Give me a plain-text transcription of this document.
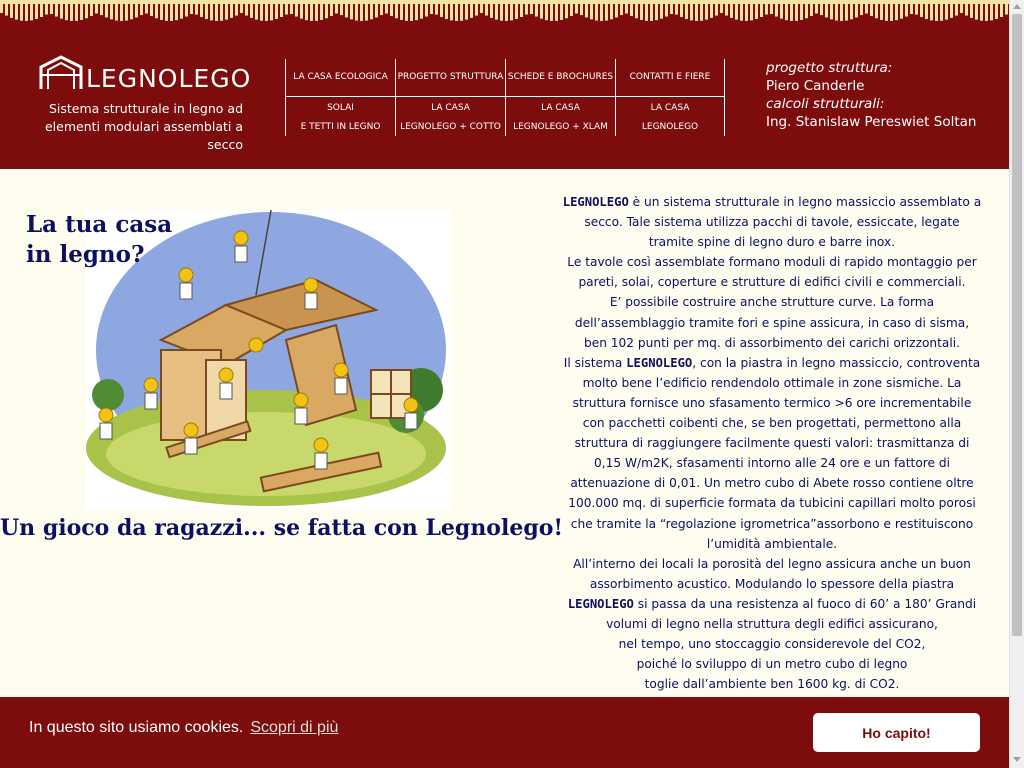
LEGNOLEGO
Sistema strutturale in legno ad
elementi modulari assemblati a secco
LA CASA ECOLOGICA
SOLAI
E TETTI IN LEGNO
PROGETTO STRUTTURA
LA CASA
LEGNOLEGO + COTTO
SCHEDE E BROCHURES
LA CASA
LEGNOLEGO + XLAM
CONTATTI E FIERE
LA CASA
LEGNOLEGO
progetto struttura:
Piero Canderle
calcoli strutturali:
Ing. Stanislaw Pereswiet Soltan
La tua casa
in legno?
Un gioco da ragazzi... se fatta con Legnolego!
LEGNOLEGO è un sistema strutturale in legno massiccio assemblato a secco. Tale sistema utilizza pacchi di tavole, essiccate, legate tramite spine di legno duro e barre inox.
Le tavole così assemblate formano moduli di rapido montaggio per pareti, solai, coperture e strutture di edifici civili e commerciali.
E’ possibile costruire anche strutture curve. La forma dell’assemblaggio tramite fori e spine assicura, in caso di sisma, ben 102 punti per mq. di assorbimento dei carichi orizzontali.
Il sistema LEGNOLEGO, con la piastra in legno massiccio, controventa molto bene l’edificio rendendolo ottimale in zone sismiche. La struttura fornisce uno sfasamento termico >6 ore incrementabile con pacchetti coibenti che, se ben progettati, permettono alla struttura di raggiungere facilmente questi valori: trasmittanza di 0,15 W/m2K, sfasamenti intorno alle 24 ore e un fattore di attenuazione di 0,01. Un metro cubo di Abete rosso contiene oltre 100.000 mq. di superficie formata da tubicini capillari molto porosi che tramite la “regolazione igrometrica”assorbono e restituiscono l’umidità ambientale.
All’interno dei locali la porosità del legno assicura anche un buon assorbimento acustico. Modulando lo spessore della piastra LEGNOLEGO si passa da una resistenza al fuoco di 60’ a 180’ Grandi volumi di legno nella struttura degli edifici assicurano,
nel tempo, uno stoccaggio considerevole del CO2,
poiché lo sviluppo di un metro cubo di legno
toglie dall’ambiente ben 1600 kg. di CO2.
In questo sito usiamo cookies. Scopri di più	Ho capito!
